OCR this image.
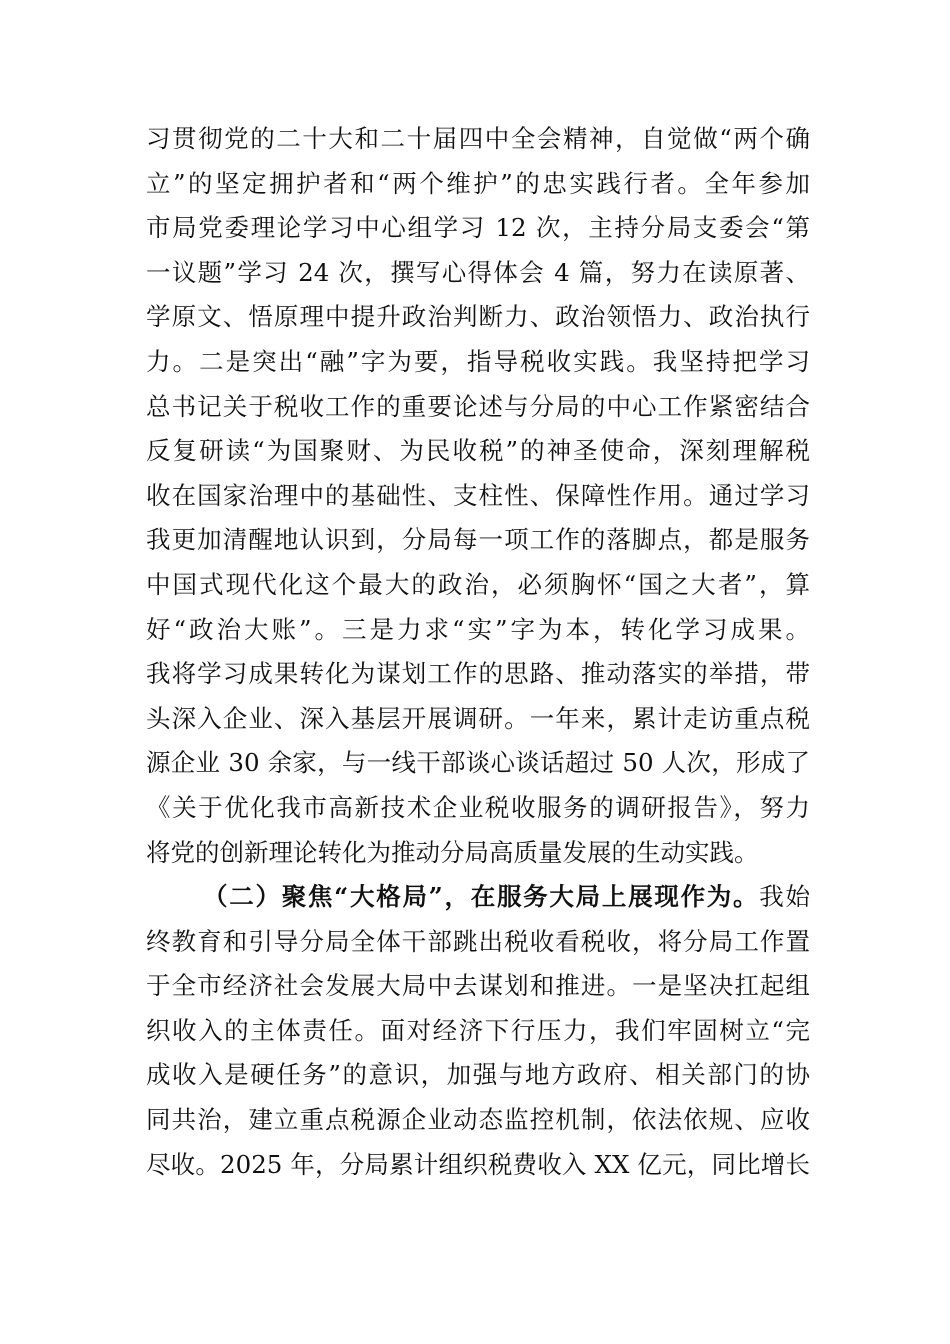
习贯彻党的二十大和二十届四中全会精神，自觉做“两个确
立”的坚定拥护者和“两个维护”的忠实践行者。全年参加
市局党委理论学习中心组学习 12 次，主持分局支委会“第
一议题”学习 24 次，撰写心得体会 4 篇，努力在读原著、
学原文、悟原理中提升政治判断力、政治领悟力、政治执行
力。二是突出“融”字为要，指导税收实践。我坚持把学习
总书记关于税收工作的重要论述与分局的中心工作紧密结合
反复研读“为国聚财、为民收税”的神圣使命，深刻理解税
收在国家治理中的基础性、支柱性、保障性作用。通过学习
我更加清醒地认识到，分局每一项工作的落脚点，都是服务
中国式现代化这个最大的政治，必须胸怀“国之大者”，算
好“政治大账”。三是力求“实”字为本，转化学习成果。
我将学习成果转化为谋划工作的思路、推动落实的举措，带
头深入企业、深入基层开展调研。一年来，累计走访重点税
源企业 30 余家，与一线干部谈心谈话超过 50 人次，形成了
《关于优化我市高新技术企业税收服务的调研报告》，努力
将党的创新理论转化为推动分局高质量发展的生动实践。
（二）聚焦“大格局”，在服务大局上展现作为。我始
终教育和引导分局全体干部跳出税收看税收，将分局工作置
于全市经济社会发展大局中去谋划和推进。一是坚决扛起组
织收入的主体责任。面对经济下行压力，我们牢固树立“完
成收入是硬任务”的意识，加强与地方政府、相关部门的协
同共治，建立重点税源企业动态监控机制，依法依规、应收
尽收。2025 年，分局累计组织税费收入 XX 亿元，同比增长
